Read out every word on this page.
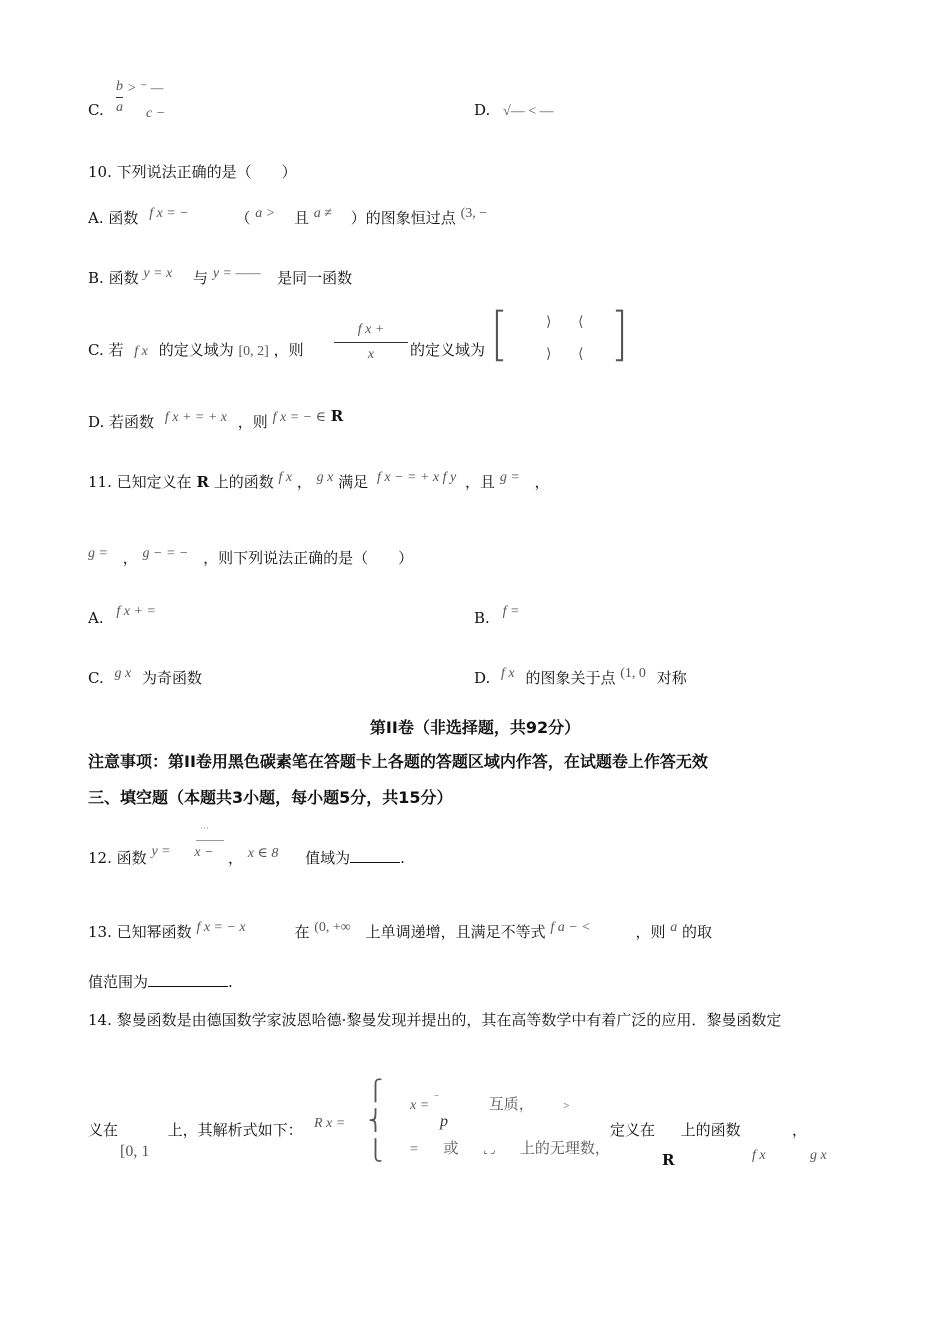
C. $\frac{b}{a}$ > ⁻ —
c −	D. √— < —
10. 下列说法正确的是（　　）
A. 函数 f x = −	（ a > 且 a ≠ ）的图象恒过点 (3, −
B. 函数 y = x 与 y = —— 是同一函数
C. 若 f x 的定义域为 [0, 2] ，则
f x +
x	的定义域为
⎡
⎣
⟩
⟩
⟨
⟨
⎤
⎦
D. 若函数 f x + = + x ，则 f x = − ∈ R
11. 已知定义在 R 上的函数 f x ， g x 满足 f x − = + x f y ，且 g = ，
g = ， g − = − ，则下列说法正确的是（　　）
A. f x + =	B. f =
C. g x 为奇函数	D. f x 的图象关于点 (1, 0 对称
第II卷（非选择题，共92分）
注意事项：第II卷用黑色碳素笔在答题卡上各题的答题区域内作答，在试题卷上作答无效
三、填空题（本题共3小题，每小题5分，共15分）
12. 函数 y =
˙˙˙
x − ， x ∈ 8 值域为	.
13. 已知幂函数 f x = − x	在 (0, +∞ 上单调递增，且满足不等式 f a − <	，则 a 的取
值范围为	.
14. 黎曼函数是由德国数学家波恩哈德·黎曼发现并提出的，其在高等数学中有着广泛的应用．黎曼函数定
义在	上，其解析式如下：
[0, 1
R x =
⎧
⎨
⎩
x = ⁻	互质，	>
p
= 或 ⌞ ⌟ 上的无理数，
定义在 上的函数
R	f x	g x
，
